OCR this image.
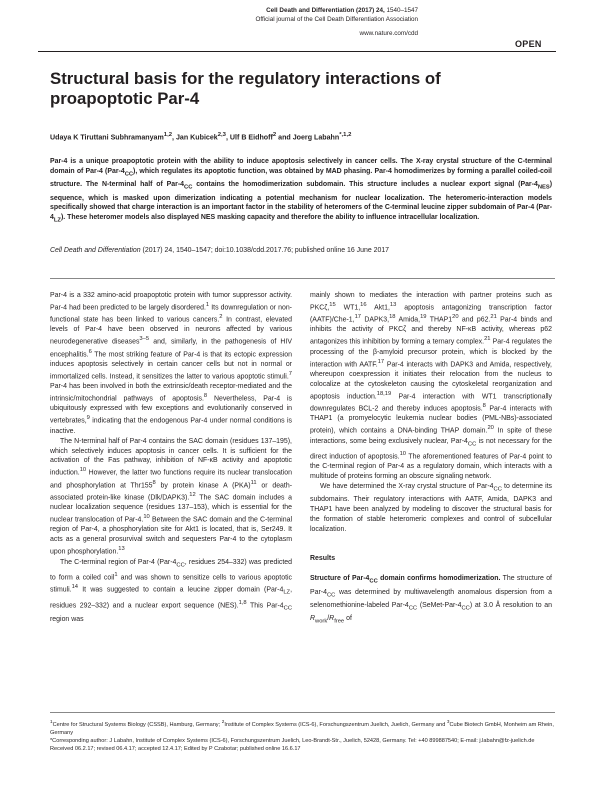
Cell Death and Differentiation (2017) 24, 1540–1547
Official journal of the Cell Death Differentiation Association
www.nature.com/cdd
OPEN
Structural basis for the regulatory interactions of proapoptotic Par-4
Udaya K Tiruttani Subhramanyam$^{1,2}$, Jan Kubicek$^{2,3}$, Ulf B Eidhoff$^2$ and Joerg Labahn$^{*,1,2}$

Par-4 is a unique proapoptotic protein with the ability to induce apoptosis selectively in cancer cells. The X-ray crystal structure of the C-terminal domain of Par-4 $(Par-4_{CC})$, which regulates its apoptotic function, was obtained by MAD phasing. Par-4 homodimerizes by forming a parallel coiled-coil structure. The N-terminal half of Par-$4_{CC}$ contains the homodimerization subdomain. This structure includes a nuclear export signal $(Par-4_{NES})$ sequence, which is masked upon dimerization indicating a potential mechanism for nuclear localization. The heteromeric-interaction models specifically showed that charge interaction is an important factor in the stability of heteromers of the C-terminal leucine zipper subdomain of Par-4 $(Par-4_{LZ})$. These heteromer models also displayed NES masking capacity and therefore the ability to influence intracellular localization.

Cell Death and Differentiation (2017) 24, 1540–1547; doi:10.1038/cdd.2017.76; published online 16 June 2017

Par-4 is a 332 amino-acid proapoptotic protein with tumor suppressor activity. Par-4 had been predicted to be largely disordered.$^1$ Its downregulation or non-functional state has been linked to various cancers.$^2$ In contrast, elevated levels of Par-4 have been observed in neurons affected by various neurodegenerative diseases$^{3-5}$ and, similarly, in the pathogenesis of HIV encephalitis.$^6$ The most striking feature of Par-4 is that its ectopic expression induces apoptosis selectively in certain cancer cells but not in normal or immortalized cells. Instead, it sensitizes the latter to various apoptotic stimuli.$^7$ Par-4 has been involved in both the extrinsic/death receptor-mediated and the intrinsic/mitochondrial pathways of apoptosis.$^8$ Nevertheless, Par-4 is ubiquitously expressed with few exceptions and evolutionarily conserved in vertebrates,$^9$ indicating that the endogenous Par-4 under normal conditions is inactive.

The N-terminal half of Par-4 contains the SAC domain (residues 137–195), which selectively induces apoptosis in cancer cells. It is sufficient for the activation of the Fas pathway, inhibition of NF-κB activity and apoptotic induction.$^{10}$ However, the latter two functions require its nuclear translocation and phosphorylation at $Thr155^8$ by protein kinase A (PKA)$^{11}$ or death-associated protein-like kinase (Dlk/DAPK3).$^{12}$ The SAC domain includes a nuclear localization sequence (residues 137–153), which is essential for the nuclear translocation of Par-4.10 Between the SAC domain and the C-terminal region of Par-4, a phosphorylation site for Akt1 is located, that is, Ser249. It acts as a general prosurvival switch and sequesters Par-4 to the cytoplasm upon phosphorylation.$^{13}$

The C-terminal region of Par-4 ($Par-4_{CC}$, residues 254–332) was predicted to form a coiled coil$^1$ and was shown to sensitize cells to various apoptotic stimuli.$^{14}$ It was suggested to contain a leucine zipper domain ($Par-4_{LZ}$, residues 292–332) and a nuclear export sequence (NES).$^{1,8}$ This Par-$4_{CC}$ region was

mainly shown to mediates the interaction with partner proteins such as PKCζ,$^{15}$ WT1,16 Akt1,13 apoptosis antagonizing transcription factor (AATF)/Che-1,17 DAPK3,18 Amida,$^{19}$ $THAP1^{20}$ and p62.21 Par-4 binds and inhibits the activity of PKCζ and thereby NF-κB activity, whereas p62 antagonizes this inhibition by forming a ternary complex.$^{21}$ Par-4 regulates the processing of the β-amyloid precursor protein, which is blocked by the interaction with AATF.$^{17}$ Par-4 interacts with DAPK3 and Amida, respectively, whereupon coexpression it initiates their relocation from the nucleus to colocalize at the cytoskeleton causing the cytoskeletal reorganization and apoptosis induction.$^{18,19}$ Par-4 interaction with WT1 transcriptionally downregulates BCL-2 and thereby induces apoptosis.$^8$ Par-4 interacts with THAP1 (a promyelocytic leukemia nuclear bodies (PML-NBs)-associated protein), which contains a DNA-binding THAP domain.$^{20}$ In spite of these interactions, some being exclusively nuclear, Par-$4_{CC}$ is not necessary for the direct induction of apoptosis.$^{10}$ The aforementioned features of Par-4 point to the C-terminal region of Par-4 as a regulatory domain, which interacts with a multitude of proteins forming an obscure signaling network.

We have determined the X-ray crystal structure of Par-$4_{CC}$ to determine its subdomains. Their regulatory interactions with AATF, Amida, DAPK3 and THAP1 have been analyzed by modeling to discover the structural basis for the formation of stable heteromeric complexes and control of subcellular localization.

Results

Structure of Par-$4_{CC}$ domain confirms homodimerization. The structure of Par-$4_{CC}$ was determined by multiwavelength anomalous dispersion from a selenomethionine-labeled Par-$4_{CC}$ $(SeMet-Par-4_{CC})$ at 3.0 Å resolution to an $R_{work}/R_{free}$ of

$^1$Centre for Structural Systems Biology (CSSB), Hamburg, Germany; $^2$Institute of Complex Systems (ICS-6), Forschungszentrum Juelich, Juelich, Germany and $^3$Cube Biotech GmbH, Monheim am Rhein, Germany
*Corresponding author: J Labahn, Institute of Complex Systems (ICS-6), Forschungszentrum Juelich, Leo-Brandt-Str., Juelich, 52428, Germany. Tel: +40 899887540; E-mail: j.labahn@fz-juelich.de
Received 06.2.17; revised 06.4.17; accepted 12.4.17; Edited by P Czabotar; published online 16.6.17
